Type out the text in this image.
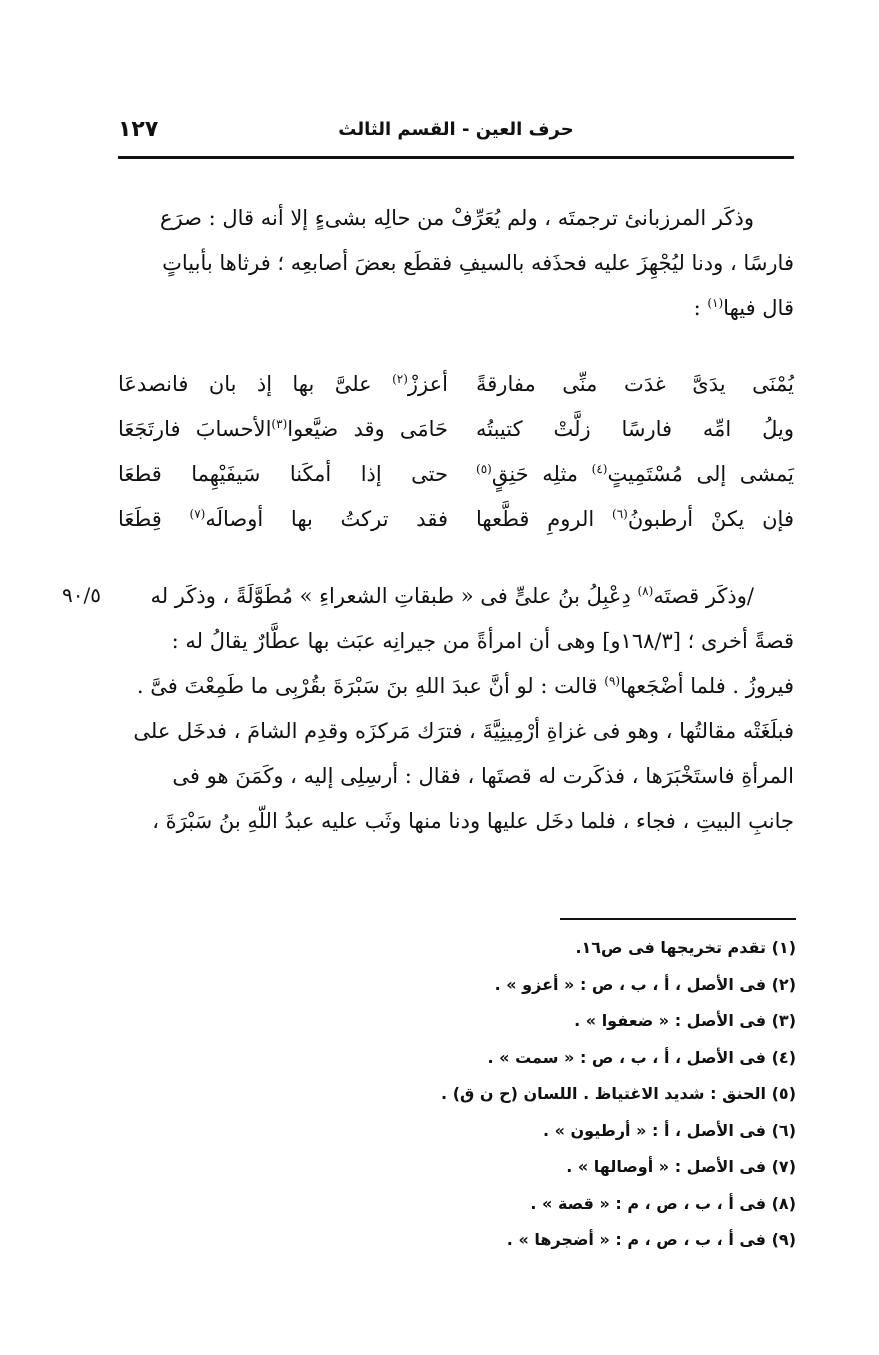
حرف العين - القسم الثالث
١٢٧

وذكَر المرزبانئ ترجمتَه ، ولم يُعَرِّفْ من حالِه بشىءٍ إلا أنه قال : صرَع

فارسًا ، ودنا ليُجْهِزَ عليه فحذَفه بالسيفِ فقطَع بعضَ أصابعِه ؛ فرثاها بأبياتٍ

قال فيها$^{(١)}$ :

يُمْنَى يدَىَّ غدَت منِّى مفارقةً
أعززْ$^{(٢)}$ علىَّ بها إذ بان فانصدعَا
ويلُ امِّه فارسًا زلَّتْ كتيبتُه
حَامَى وقد ضيَّعوا$^{(٣)}$الأحسابَ فارتَجَعَا
يَمشى إلى مُسْتَمِيتٍ$^{(٤)}$ مثلِه حَنِقٍ$^{(٥)}$
حتى إذا أمكَنا سَيفَيْهِما قطعَا
فإن يكنْ أرطبونُ$^{(٦)}$ الرومِ قطَّعها
فقد تركتُ بها أوصالَه$^{(٧)}$ قِطَعَا
٩٠/٥	/وذكَر قصتَه$^{(٨)}$ دِعْبِلُ بنُ علىٍّ فى « طبقاتِ الشعراءِ » مُطَوَّلَةً ، وذكَر له

قصةً أخرى ؛ [١٦٨/٣و] وهى أن امرأةً من جيرانِه عبَث بها عطَّارٌ يقالُ له :

فيروزُ . فلما أضْجَعها$^{(٩)}$ قالت : لو أنَّ عبدَ اللهِ بنَ سَبْرَةَ بقُرْبِى ما طَمِعْتَ فىَّ .

فبلَغَتْه مقالتُها ، وهو فى غزاةِ أرْمِينِيَّةَ ، فترَك مَركزَه وقدِم الشامَ ، فدخَل على

المرأةِ فاستَخْبَرَها ، فذكَرت له قصتَها ، فقال : أرسِلِى إليه ، وكَمَنَ هو فى

جانبِ البيتِ ، فجاء ، فلما دخَل عليها ودنا منها وثَب عليه عبدُ اللّهِ بنُ سَبْرَةَ ،

(١) تقدم تخريجها فى ص١٦.
(٢) فى الأصل ، أ ، ب ، ص : « أعزو » .
(٣) فى الأصل : « ضعفوا » .
(٤) فى الأصل ، أ ، ب ، ص : « سمت » .
(٥) الحنق : شديد الاغتياظ . اللسان (ح ن ق) .
(٦) فى الأصل ، أ : « أرطيون » .
(٧) فى الأصل : « أوصالها » .
(٨) فى أ ، ب ، ص ، م : « قصة » .
(٩) فى أ ، ب ، ص ، م : « أضجرها » .
